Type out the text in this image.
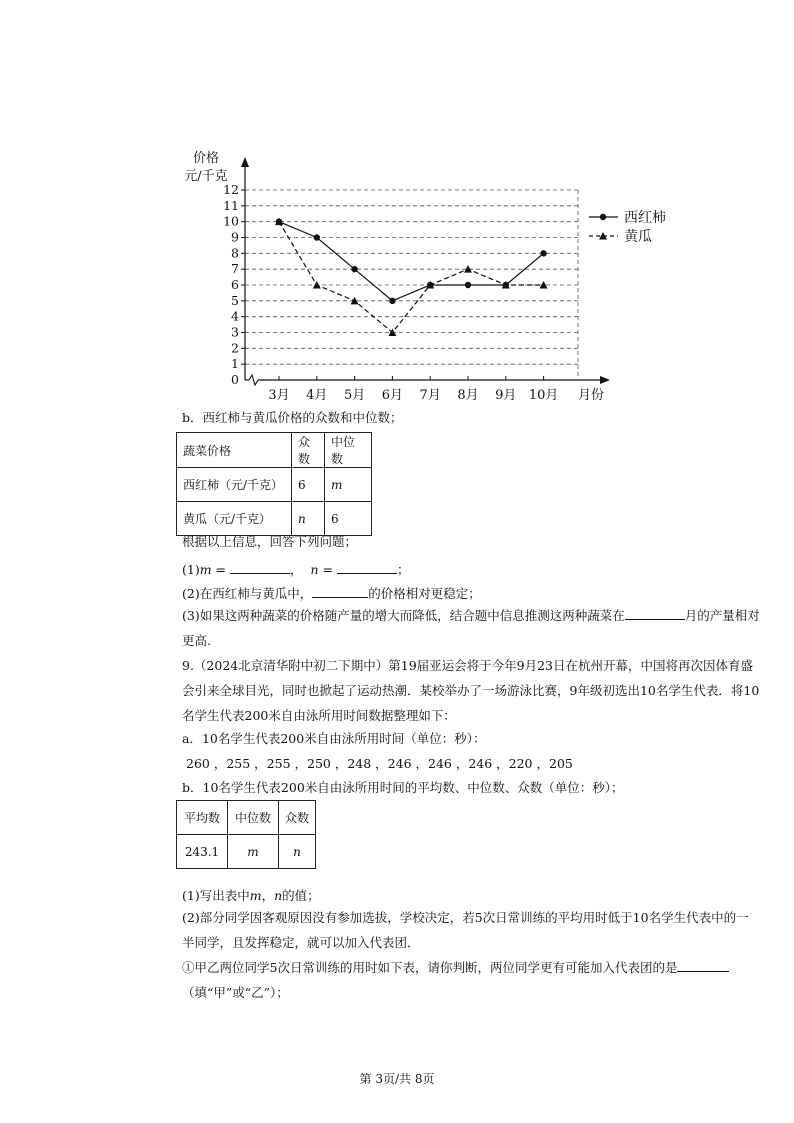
0
1
2
3
4
5
6
7
8
9
10
11
12
3月 4月 5月 6月 7月 8月 9月 10月
价格
元/千克
月份
西红柿
黄瓜
b．西红柿与黄瓜价格的众数和中位数；
蔬菜价格	众数	中位数
西红柿（元/千克）	6	m
黄瓜（元/千克）	n	6
根据以上信息，回答下列问题；
(1)m =	， n =	；
(2)在西红柿与黄瓜中，	的价格相对更稳定；
(3)如果这两种蔬菜的价格随产量的增大而降低，结合题中信息推测这两种蔬菜在	月的产量相对更高.
9.（2024北京清华附中初二下期中）第19届亚运会将于今年9月23日在杭州开幕，中国将再次因体育盛会引来全球目光，同时也掀起了运动热潮．某校举办了一场游泳比赛，9年级初选出10名学生代表．将10名学生代表200米自由泳所用时间数据整理如下：
a．10名学生代表200米自由泳所用时间（单位：秒）：
260 ，255 ，255 ，250 ，248 ，246 ，246 ，246 ，220 ，205
b．10名学生代表200米自由泳所用时间的平均数、中位数、众数（单位：秒）；
平均数	中位数	众数
243.1	m	n
(1)写出表中m，n的值；
(2)部分同学因客观原因没有参加选拔，学校决定，若5次日常训练的平均用时低于10名学生代表中的一半同学，且发挥稳定，就可以加入代表团．
①甲乙两位同学5次日常训练的用时如下表，请你判断，两位同学更有可能加入代表团的是（填“甲”或“乙”）；
第 3页/共 8页
